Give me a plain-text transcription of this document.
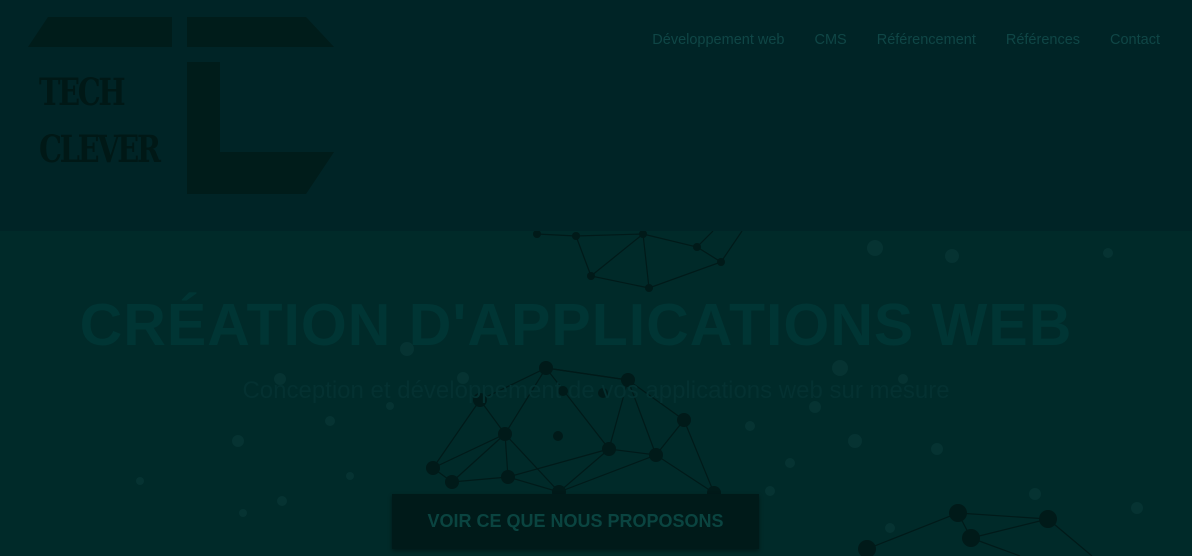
TECH
CLEVER
Développement web CMS Référencement Références Contact
CRÉATION D'APPLICATIONS WEB
Conception et développement de vos applications web sur mesure
VOIR CE QUE NOUS PROPOSONS
